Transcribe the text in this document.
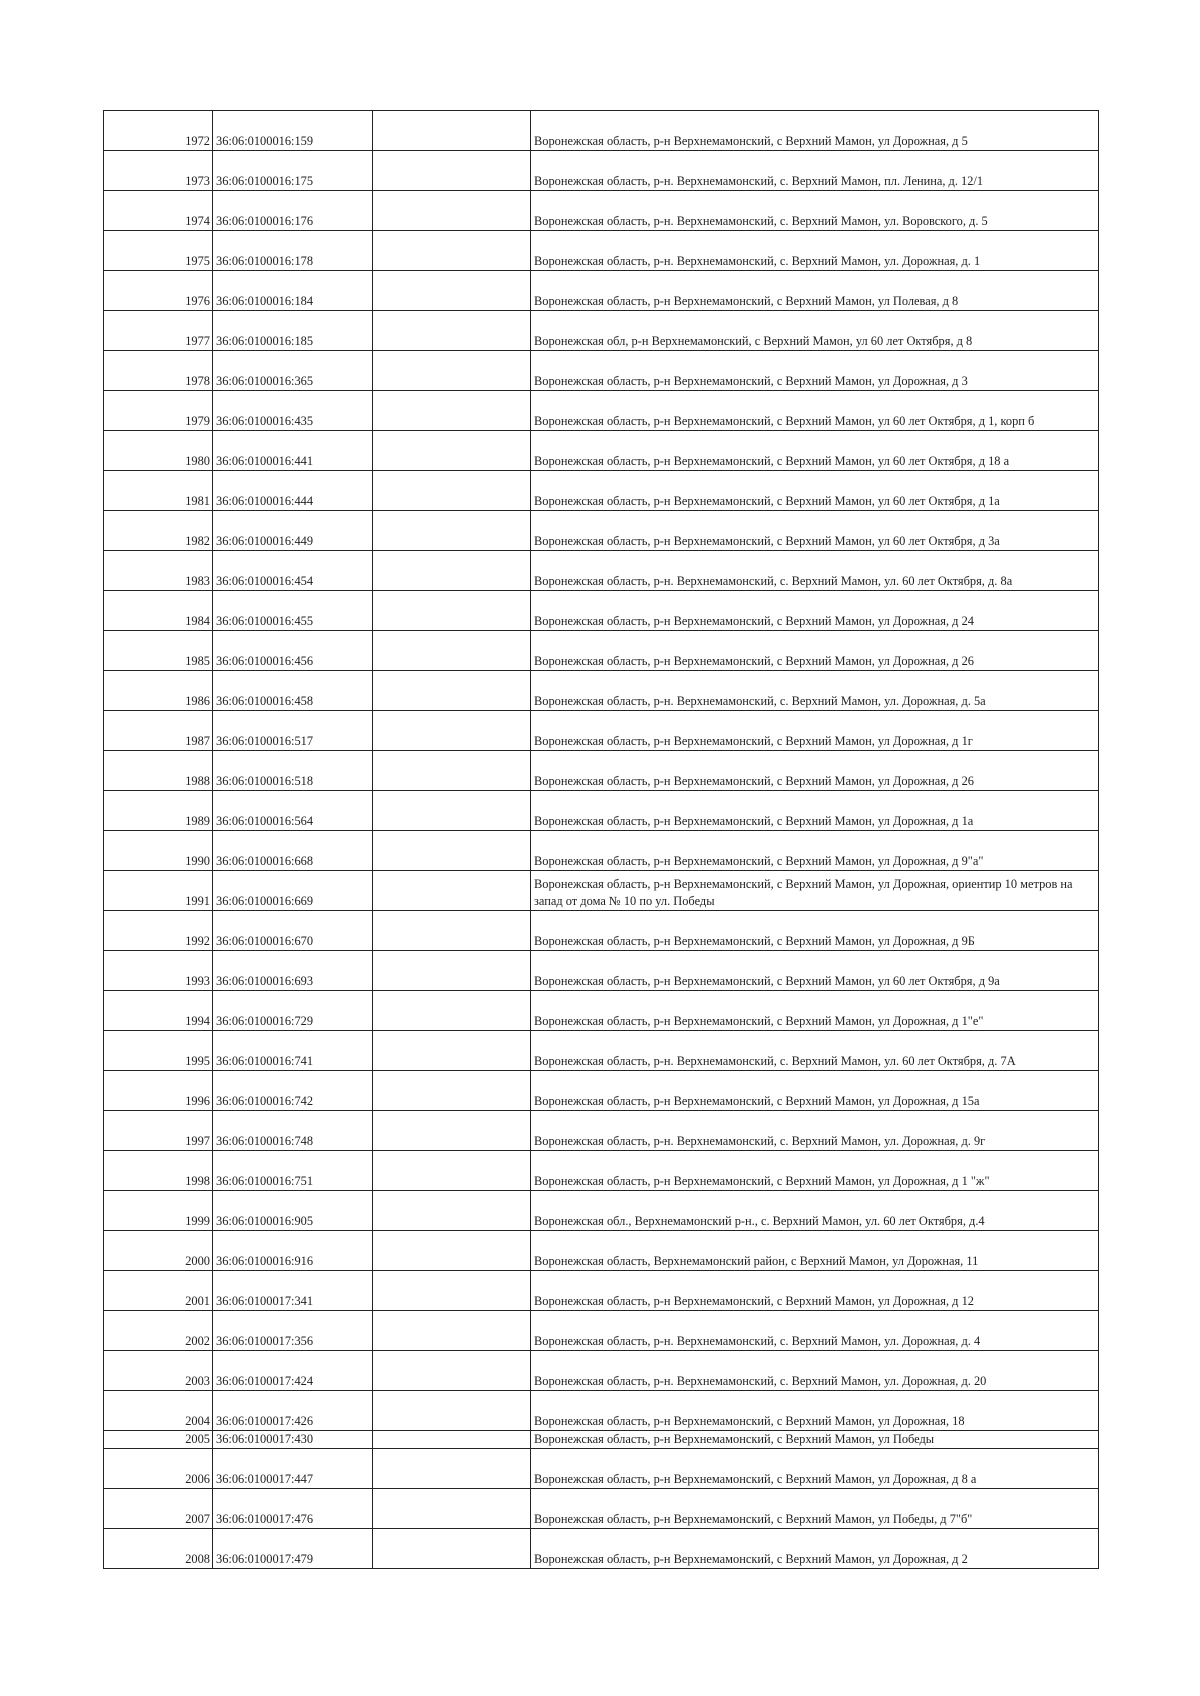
1972	36:06:0100016:159		Воронежская область, р-н Верхнемамонский, с Верхний Мамон, ул Дорожная, д 5

1973	36:06:0100016:175		Воронежская область, р-н. Верхнемамонский, с. Верхний Мамон, пл. Ленина, д. 12/1

1974	36:06:0100016:176		Воронежская область, р-н. Верхнемамонский, с. Верхний Мамон, ул. Воровского, д. 5

1975	36:06:0100016:178		Воронежская область, р-н. Верхнемамонский, с. Верхний Мамон, ул. Дорожная, д. 1

1976	36:06:0100016:184		Воронежская область, р-н Верхнемамонский, с Верхний Мамон, ул Полевая, д 8

1977	36:06:0100016:185		Воронежская обл, р-н Верхнемамонский, с Верхний Мамон, ул 60 лет Октября, д 8

1978	36:06:0100016:365		Воронежская область, р-н Верхнемамонский, с Верхний Мамон, ул Дорожная, д 3

1979	36:06:0100016:435		Воронежская область, р-н Верхнемамонский, с Верхний Мамон, ул 60 лет Октября, д 1, корп б

1980	36:06:0100016:441		Воронежская область, р-н Верхнемамонский, с Верхний Мамон, ул 60 лет Октября, д 18 а

1981	36:06:0100016:444		Воронежская область, р-н Верхнемамонский, с Верхний Мамон, ул 60 лет Октября, д 1а

1982	36:06:0100016:449		Воронежская область, р-н Верхнемамонский, с Верхний Мамон, ул 60 лет Октября, д 3а

1983	36:06:0100016:454		Воронежская область, р-н. Верхнемамонский, с. Верхний Мамон, ул. 60 лет Октября, д. 8а

1984	36:06:0100016:455		Воронежская область, р-н Верхнемамонский, с Верхний Мамон, ул Дорожная, д 24

1985	36:06:0100016:456		Воронежская область, р-н Верхнемамонский, с Верхний Мамон, ул Дорожная, д 26

1986	36:06:0100016:458		Воронежская область, р-н. Верхнемамонский, с. Верхний Мамон, ул. Дорожная, д. 5а

1987	36:06:0100016:517		Воронежская область, р-н Верхнемамонский, с Верхний Мамон, ул Дорожная, д 1г

1988	36:06:0100016:518		Воронежская область, р-н Верхнемамонский, с Верхний Мамон, ул Дорожная, д 26

1989	36:06:0100016:564		Воронежская область, р-н Верхнемамонский, с Верхний Мамон, ул Дорожная, д 1а

1990	36:06:0100016:668		Воронежская область, р-н Верхнемамонский, с Верхний Мамон, ул Дорожная, д 9"а"

1991	36:06:0100016:669		Воронежская область, р-н Верхнемамонский, с Верхний Мамон, ул Дорожная, ориентир 10 метров на запад от дома № 10 по ул. Победы

1992	36:06:0100016:670		Воронежская область, р-н Верхнемамонский, с Верхний Мамон, ул Дорожная, д 9Б

1993	36:06:0100016:693		Воронежская область, р-н Верхнемамонский, с Верхний Мамон, ул 60 лет Октября, д 9а

1994	36:06:0100016:729		Воронежская область, р-н Верхнемамонский, с Верхний Мамон, ул Дорожная, д 1"е"

1995	36:06:0100016:741		Воронежская область, р-н. Верхнемамонский, с. Верхний Мамон, ул. 60 лет Октября, д. 7А

1996	36:06:0100016:742		Воронежская область, р-н Верхнемамонский, с Верхний Мамон, ул Дорожная, д 15а

1997	36:06:0100016:748		Воронежская область, р-н. Верхнемамонский, с. Верхний Мамон, ул. Дорожная, д. 9г

1998	36:06:0100016:751		Воронежская область, р-н Верхнемамонский, с Верхний Мамон, ул Дорожная, д 1 "ж"

1999	36:06:0100016:905		Воронежская обл., Верхнемамонский р-н., с. Верхний Мамон, ул. 60 лет Октября, д.4

2000	36:06:0100016:916		Воронежская область, Верхнемамонский район, с Верхний Мамон, ул Дорожная, 11

2001	36:06:0100017:341		Воронежская область, р-н Верхнемамонский, с Верхний Мамон, ул Дорожная, д 12

2002	36:06:0100017:356		Воронежская область, р-н. Верхнемамонский, с. Верхний Мамон, ул. Дорожная, д. 4

2003	36:06:0100017:424		Воронежская область, р-н. Верхнемамонский, с. Верхний Мамон, ул. Дорожная, д. 20

2004	36:06:0100017:426		Воронежская область, р-н Верхнемамонский, с Верхний Мамон, ул Дорожная, 18

2005	36:06:0100017:430		Воронежская область, р-н Верхнемамонский, с Верхний Мамон, ул Победы

2006	36:06:0100017:447		Воронежская область, р-н Верхнемамонский, с Верхний Мамон, ул Дорожная, д 8 а

2007	36:06:0100017:476		Воронежская область, р-н Верхнемамонский, с Верхний Мамон, ул Победы, д 7"б"

2008	36:06:0100017:479		Воронежская область, р-н Верхнемамонский, с Верхний Мамон, ул Дорожная, д 2
